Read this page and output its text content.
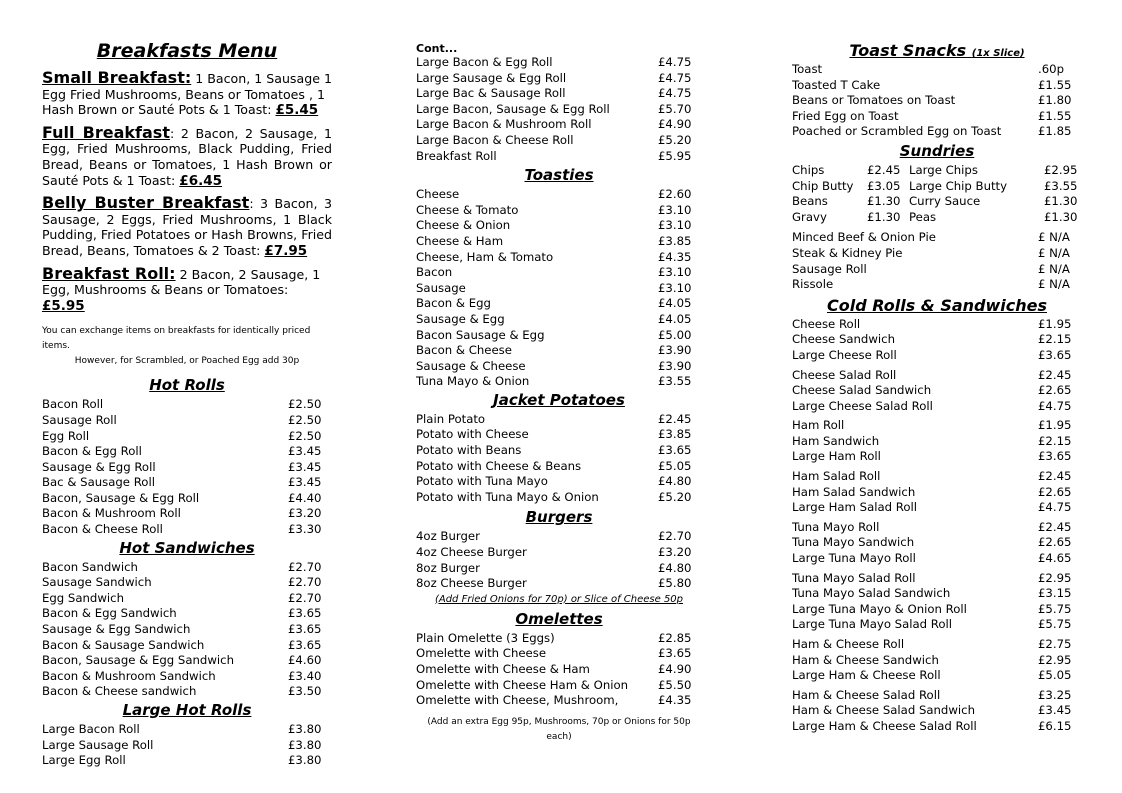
Breakfasts Menu
Small Breakfast: 1 Bacon, 1 Sausage 1 Egg Fried Mushrooms, Beans or Tomatoes , 1 Hash Brown or Sauté Pots & 1 Toast: £5.45
Full Breakfast: 2 Bacon, 2 Sausage, 1 Egg, Fried Mushrooms, Black Pudding, Fried Bread, Beans or Tomatoes, 1 Hash Brown or Sauté Pots & 1 Toast: £6.45
Belly Buster Breakfast: 3 Bacon, 3 Sausage, 2 Eggs, Fried Mushrooms, 1 Black Pudding, Fried Potatoes or Hash Browns, Fried Bread, Beans, Tomatoes & 2 Toast: £7.95
Breakfast Roll: 2 Bacon, 2 Sausage, 1 Egg, Mushrooms & Beans or Tomatoes: £5.95
You can exchange items on breakfasts for identically priced items.
However, for Scrambled, or Poached Egg add 30p
Hot Rolls
Bacon Roll	£2.50
Sausage Roll	£2.50
Egg Roll	£2.50
Bacon & Egg Roll	£3.45
Sausage & Egg Roll	£3.45
Bac & Sausage Roll	£3.45
Bacon, Sausage & Egg Roll	£4.40
Bacon & Mushroom Roll	£3.20
Bacon & Cheese Roll	£3.30
Hot Sandwiches
Bacon Sandwich	£2.70
Sausage Sandwich	£2.70
Egg Sandwich	£2.70
Bacon & Egg Sandwich	£3.65
Sausage & Egg Sandwich	£3.65
Bacon & Sausage Sandwich	£3.65
Bacon, Sausage & Egg Sandwich	£4.60
Bacon & Mushroom Sandwich	£3.40
Bacon & Cheese sandwich	£3.50
Large Hot Rolls
Large Bacon Roll	£3.80
Large Sausage Roll	£3.80
Large Egg Roll	£3.80
Cont...
Large Bacon & Egg Roll	£4.75
Large Sausage & Egg Roll	£4.75
Large Bac & Sausage Roll	£4.75
Large Bacon, Sausage & Egg Roll	£5.70
Large Bacon & Mushroom Roll	£4.90
Large Bacon & Cheese Roll	£5.20
Breakfast Roll	£5.95
Toasties
Cheese	£2.60
Cheese & Tomato	£3.10
Cheese & Onion	£3.10
Cheese & Ham	£3.85
Cheese, Ham & Tomato	£4.35
Bacon	£3.10
Sausage	£3.10
Bacon & Egg	£4.05
Sausage & Egg	£4.05
Bacon Sausage & Egg	£5.00
Bacon & Cheese	£3.90
Sausage & Cheese	£3.90
Tuna Mayo & Onion	£3.55
Jacket Potatoes
Plain Potato	£2.45
Potato with Cheese	£3.85
Potato with Beans	£3.65
Potato with Cheese & Beans	£5.05
Potato with Tuna Mayo	£4.80
Potato with Tuna Mayo & Onion	£5.20
Burgers
4oz Burger	£2.70
4oz Cheese Burger	£3.20
8oz Burger	£4.80
8oz Cheese Burger	£5.80
(Add Fried Onions for 70p) or Slice of Cheese 50p
Omelettes
Plain Omelette (3 Eggs)	£2.85
Omelette with Cheese	£3.65
Omelette with Cheese & Ham	£4.90
Omelette with Cheese Ham & Onion	£5.50
Omelette with Cheese, Mushroom,	£4.35
(Add an extra Egg 95p, Mushrooms, 70p or Onions for 50p each)
Toast Snacks (1x Slice)
Toast	.60p
Toasted T Cake	£1.55
Beans or Tomatoes on Toast	£1.80
Fried Egg on Toast	£1.55
Poached or Scrambled Egg on Toast	£1.85
Sundries
Chips	£2.45 Large Chips	£2.95
Chip Butty	£3.05 Large Chip Butty	£3.55
Beans	£1.30 Curry Sauce	£1.30
Gravy	£1.30 Peas	£1.30
Minced Beef & Onion Pie	£ N/A
Steak & Kidney Pie	£ N/A
Sausage Roll	£ N/A
Rissole	£ N/A
Cold Rolls & Sandwiches
Cheese Roll	£1.95
Cheese Sandwich	£2.15
Large Cheese Roll	£3.65
Cheese Salad Roll	£2.45
Cheese Salad Sandwich	£2.65
Large Cheese Salad Roll	£4.75
Ham Roll	£1.95
Ham Sandwich	£2.15
Large Ham Roll	£3.65
Ham Salad Roll	£2.45
Ham Salad Sandwich	£2.65
Large Ham Salad Roll	£4.75
Tuna Mayo Roll	£2.45
Tuna Mayo Sandwich	£2.65
Large Tuna Mayo Roll	£4.65
Tuna Mayo Salad Roll	£2.95
Tuna Mayo Salad Sandwich	£3.15
Large Tuna Mayo & Onion Roll	£5.75
Large Tuna Mayo Salad Roll	£5.75
Ham & Cheese Roll	£2.75
Ham & Cheese Sandwich	£2.95
Large Ham & Cheese Roll	£5.05
Ham & Cheese Salad Roll	£3.25
Ham & Cheese Salad Sandwich	£3.45
Large Ham & Cheese Salad Roll	£6.15
